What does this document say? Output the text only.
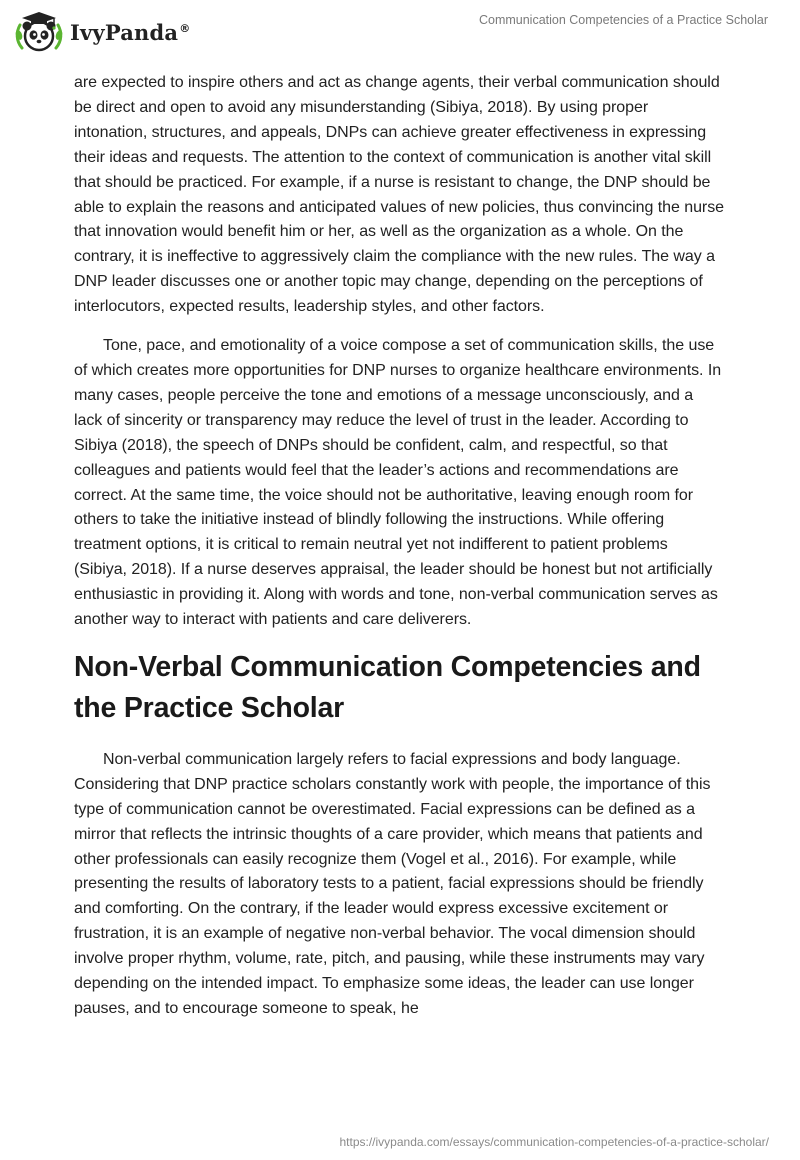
IvyPanda®
Communication Competencies of a Practice Scholar

are expected to inspire others and act as change agents, their verbal communication should be direct and open to avoid any misunderstanding (Sibiya, 2018). By using proper intonation, structures, and appeals, DNPs can achieve greater effectiveness in expressing their ideas and requests. The attention to the context of communication is another vital skill that should be practiced. For example, if a nurse is resistant to change, the DNP should be able to explain the reasons and anticipated values of new policies, thus convincing the nurse that innovation would benefit him or her, as well as the organization as a whole. On the contrary, it is ineffective to aggressively claim the compliance with the new rules. The way a DNP leader discusses one or another topic may change, depending on the perceptions of interlocutors, expected results, leadership styles, and other factors.

Tone, pace, and emotionality of a voice compose a set of communication skills, the use of which creates more opportunities for DNP nurses to organize healthcare environments. In many cases, people perceive the tone and emotions of a message unconsciously, and a lack of sincerity or transparency may reduce the level of trust in the leader. According to Sibiya (2018), the speech of DNPs should be confident, calm, and respectful, so that colleagues and patients would feel that the leader’s actions and recommendations are correct. At the same time, the voice should not be authoritative, leaving enough room for others to take the initiative instead of blindly following the instructions. While offering treatment options, it is critical to remain neutral yet not indifferent to patient problems (Sibiya, 2018). If a nurse deserves appraisal, the leader should be honest but not artificially enthusiastic in providing it. Along with words and tone, non-verbal communication serves as another way to interact with patients and care deliverers.

Non-Verbal Communication Competencies and the Practice Scholar

Non-verbal communication largely refers to facial expressions and body language. Considering that DNP practice scholars constantly work with people, the importance of this type of communication cannot be overestimated. Facial expressions can be defined as a mirror that reflects the intrinsic thoughts of a care provider, which means that patients and other professionals can easily recognize them (Vogel et al., 2016). For example, while presenting the results of laboratory tests to a patient, facial expressions should be friendly and comforting. On the contrary, if the leader would express excessive excitement or frustration, it is an example of negative non-verbal behavior. The vocal dimension should involve proper rhythm, volume, rate, pitch, and pausing, while these instruments may vary depending on the intended impact. To emphasize some ideas, the leader can use longer pauses, and to encourage someone to speak, he

https://ivypanda.com/essays/communication-competencies-of-a-practice-scholar/
